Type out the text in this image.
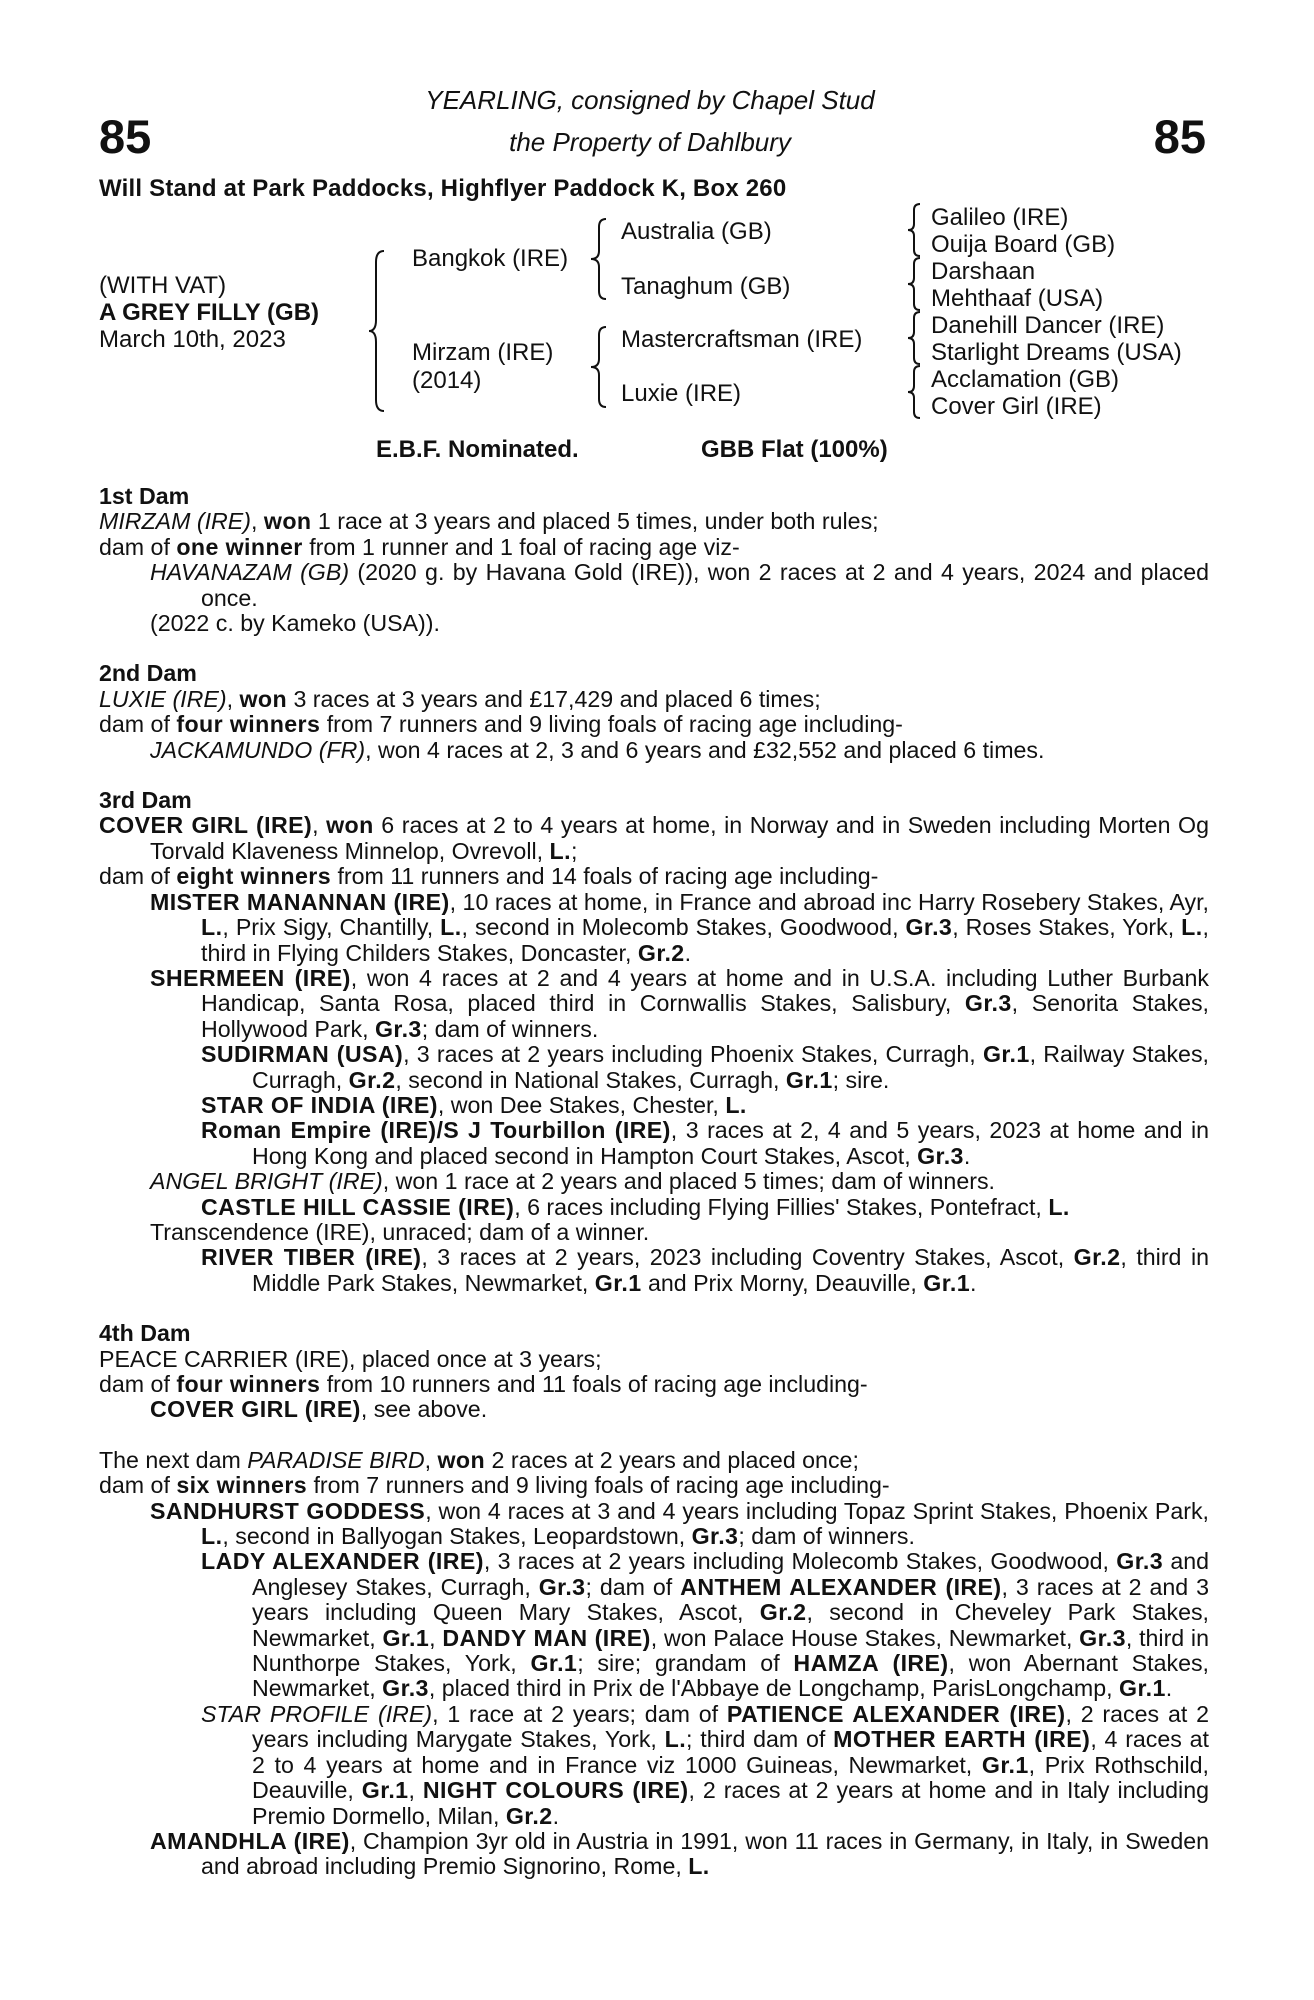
85	85
YEARLING, consigned by Chapel Stud
the Property of Dahlbury
Will Stand at Park Paddocks, Highflyer Paddock K, Box 260
(WITH VAT)
A GREY FILLY (GB)
March 10th, 2023
Bangkok (IRE)
Mirzam (IRE)
(2014)
Australia (GB)
Tanaghum (GB)
Mastercraftsman (IRE)
Luxie (IRE)
Galileo (IRE)
Ouija Board (GB)
Darshaan
Mehthaaf (USA)
Danehill Dancer (IRE)
Starlight Dreams (USA)
Acclamation (GB)
Cover Girl (IRE)
E.B.F. Nominated.	GBB Flat (100%)
1st Dam
MIRZAM (IRE), won 1 race at 3 years and placed 5 times, under both rules;
dam of one winner from 1 runner and 1 foal of racing age viz-
HAVANAZAM (GB) (2020 g. by Havana Gold (IRE)), won 2 races at 2 and 4 years, 2024 and placed once.
(2022 c. by Kameko (USA)).
2nd Dam
LUXIE (IRE), won 3 races at 3 years and £17,429 and placed 6 times;
dam of four winners from 7 runners and 9 living foals of racing age including-
JACKAMUNDO (FR), won 4 races at 2, 3 and 6 years and £32,552 and placed 6 times.
3rd Dam
COVER GIRL (IRE), won 6 races at 2 to 4 years at home, in Norway and in Sweden including Morten Og Torvald Klaveness Minnelop, Ovrevoll, L.;
dam of eight winners from 11 runners and 14 foals of racing age including-
MISTER MANANNAN (IRE), 10 races at home, in France and abroad inc Harry Rosebery Stakes, Ayr, L., Prix Sigy, Chantilly, L., second in Molecomb Stakes, Goodwood, Gr.3, Roses Stakes, York, L., third in Flying Childers Stakes, Doncaster, Gr.2.
SHERMEEN (IRE), won 4 races at 2 and 4 years at home and in U.S.A. including Luther Burbank Handicap, Santa Rosa, placed third in Cornwallis Stakes, Salisbury, Gr.3, Senorita Stakes, Hollywood Park, Gr.3; dam of winners.
SUDIRMAN (USA), 3 races at 2 years including Phoenix Stakes, Curragh, Gr.1, Railway Stakes, Curragh, Gr.2, second in National Stakes, Curragh, Gr.1; sire.
STAR OF INDIA (IRE), won Dee Stakes, Chester, L.
Roman Empire (IRE)/S J Tourbillon (IRE), 3 races at 2, 4 and 5 years, 2023 at home and in Hong Kong and placed second in Hampton Court Stakes, Ascot, Gr.3.
ANGEL BRIGHT (IRE), won 1 race at 2 years and placed 5 times; dam of winners.
CASTLE HILL CASSIE (IRE), 6 races including Flying Fillies' Stakes, Pontefract, L.
Transcendence (IRE), unraced; dam of a winner.
RIVER TIBER (IRE), 3 races at 2 years, 2023 including Coventry Stakes, Ascot, Gr.2, third in Middle Park Stakes, Newmarket, Gr.1 and Prix Morny, Deauville, Gr.1.
4th Dam
PEACE CARRIER (IRE), placed once at 3 years;
dam of four winners from 10 runners and 11 foals of racing age including-
COVER GIRL (IRE), see above.
The next dam PARADISE BIRD, won 2 races at 2 years and placed once;
dam of six winners from 7 runners and 9 living foals of racing age including-
SANDHURST GODDESS, won 4 races at 3 and 4 years including Topaz Sprint Stakes, Phoenix Park, L., second in Ballyogan Stakes, Leopardstown, Gr.3; dam of winners.
LADY ALEXANDER (IRE), 3 races at 2 years including Molecomb Stakes, Goodwood, Gr.3 and Anglesey Stakes, Curragh, Gr.3; dam of ANTHEM ALEXANDER (IRE), 3 races at 2 and 3 years including Queen Mary Stakes, Ascot, Gr.2, second in Cheveley Park Stakes, Newmarket, Gr.1, DANDY MAN (IRE), won Palace House Stakes, Newmarket, Gr.3, third in Nunthorpe Stakes, York, Gr.1; sire; grandam of HAMZA (IRE), won Abernant Stakes, Newmarket, Gr.3, placed third in Prix de l'Abbaye de Longchamp, ParisLongchamp, Gr.1.
STAR PROFILE (IRE), 1 race at 2 years; dam of PATIENCE ALEXANDER (IRE), 2 races at 2 years including Marygate Stakes, York, L.; third dam of MOTHER EARTH (IRE), 4 races at 2 to 4 years at home and in France viz 1000 Guineas, Newmarket, Gr.1, Prix Rothschild, Deauville, Gr.1, NIGHT COLOURS (IRE), 2 races at 2 years at home and in Italy including Premio Dormello, Milan, Gr.2.
AMANDHLA (IRE), Champion 3yr old in Austria in 1991, won 11 races in Germany, in Italy, in Sweden and abroad including Premio Signorino, Rome, L.
